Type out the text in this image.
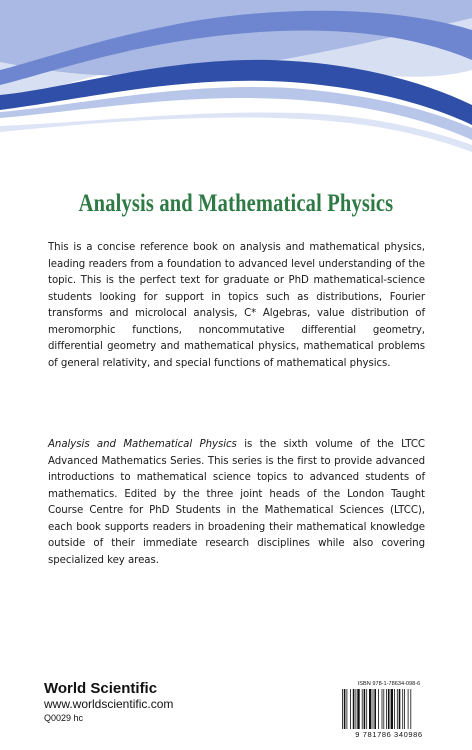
Analysis and Mathematical Physics

This is a concise reference book on analysis and mathematical physics, leading readers from a foundation to advanced level understanding of the topic. This is the perfect text for graduate or PhD mathematical-science students looking for support in topics such as distributions, Fourier transforms and microlocal analysis, C* Algebras, value distribution of meromorphic functions, noncommutative differential geometry, differential geometry and mathematical physics, mathematical problems of general relativity, and special functions of mathematical physics.

Analysis and Mathematical Physics is the sixth volume of the LTCC Advanced Mathematics Series. This series is the first to provide advanced introductions to mathematical science topics to advanced students of mathematics. Edited by the three joint heads of the London Taught Course Centre for PhD Students in the Mathematical Sciences (LTCC), each book supports readers in broadening their mathematical knowledge outside of their immediate research disciplines while also covering specialized key areas.

World Scientific
www.worldscientific.com
Q0029 hc
ISBN 978-1-78634-098-6
9 781786 340986
